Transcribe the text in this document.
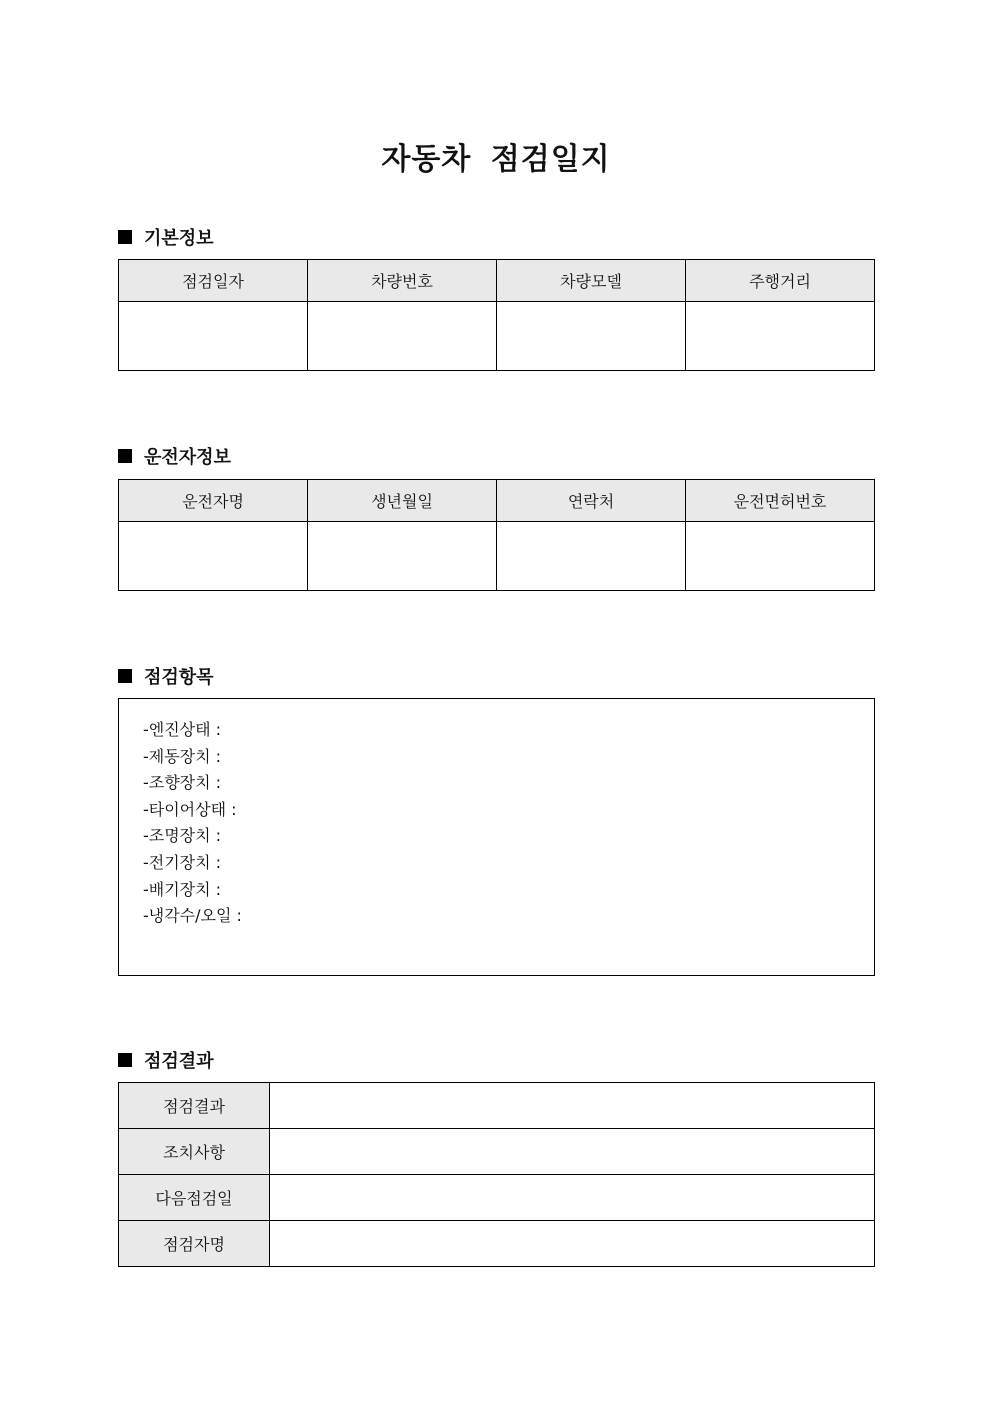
자동차 점검일지
기본정보
점검일자	차량번호	차량모델	주행거리

운전자정보
운전자명	생년월일	연락처	운전면허번호

점검항목
-엔진상태 :
-제동장치 :
-조향장치 :
-타이어상태 :
-조명장치 :
-전기장치 :
-배기장치 :
-냉각수/오일 :
점검결과
점검결과	
조치사항	
다음점검일	
점검자명	
